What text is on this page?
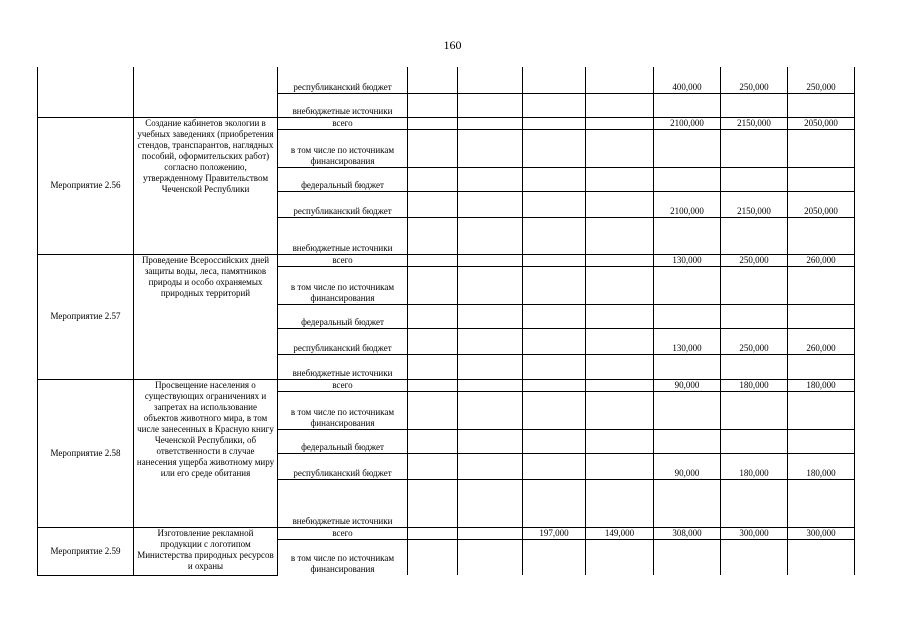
160
		республиканский бюджет					400,000	250,000	250,000
		внебюджетные источники							
Мероприятие 2.56	Создание кабинетов экологии в учебных заведениях (приобретения стендов, транспарантов, наглядных пособий, оформительских работ) согласно положению, утвержденному Правительством Чеченской Республики	всего					2100,000	2150,000	2050,000
		в том числе по источникам финансирования							
		федеральный бюджет							
		республиканский бюджет					2100,000	2150,000	2050,000
		внебюджетные источники							
Мероприятие 2.57	Проведение Всероссийских дней защиты воды, леса, памятников природы и особо охраняемых природных территорий	всего					130,000	250,000	260,000
		в том числе по источникам финансирования							
		федеральный бюджет							
		республиканский бюджет					130,000	250,000	260,000
		внебюджетные источники							
Мероприятие 2.58	Просвещение населения о существующих ограничениях и запретах на использование объектов животного мира, в том числе занесенных в Красную книгу Чеченской Республики, об ответственности в случае нанесения ущерба животному миру или его среде обитания	всего					90,000	180,000	180,000
		в том числе по источникам финансирования							
		федеральный бюджет							
		республиканский бюджет					90,000	180,000	180,000
		внебюджетные источники							
Мероприятие 2.59	Изготовление рекламной продукции с логотипом Министерства природных ресурсов и охраны	всего			197,000	149,000	308,000	300,000	300,000
		в том числе по источникам финансирования							
